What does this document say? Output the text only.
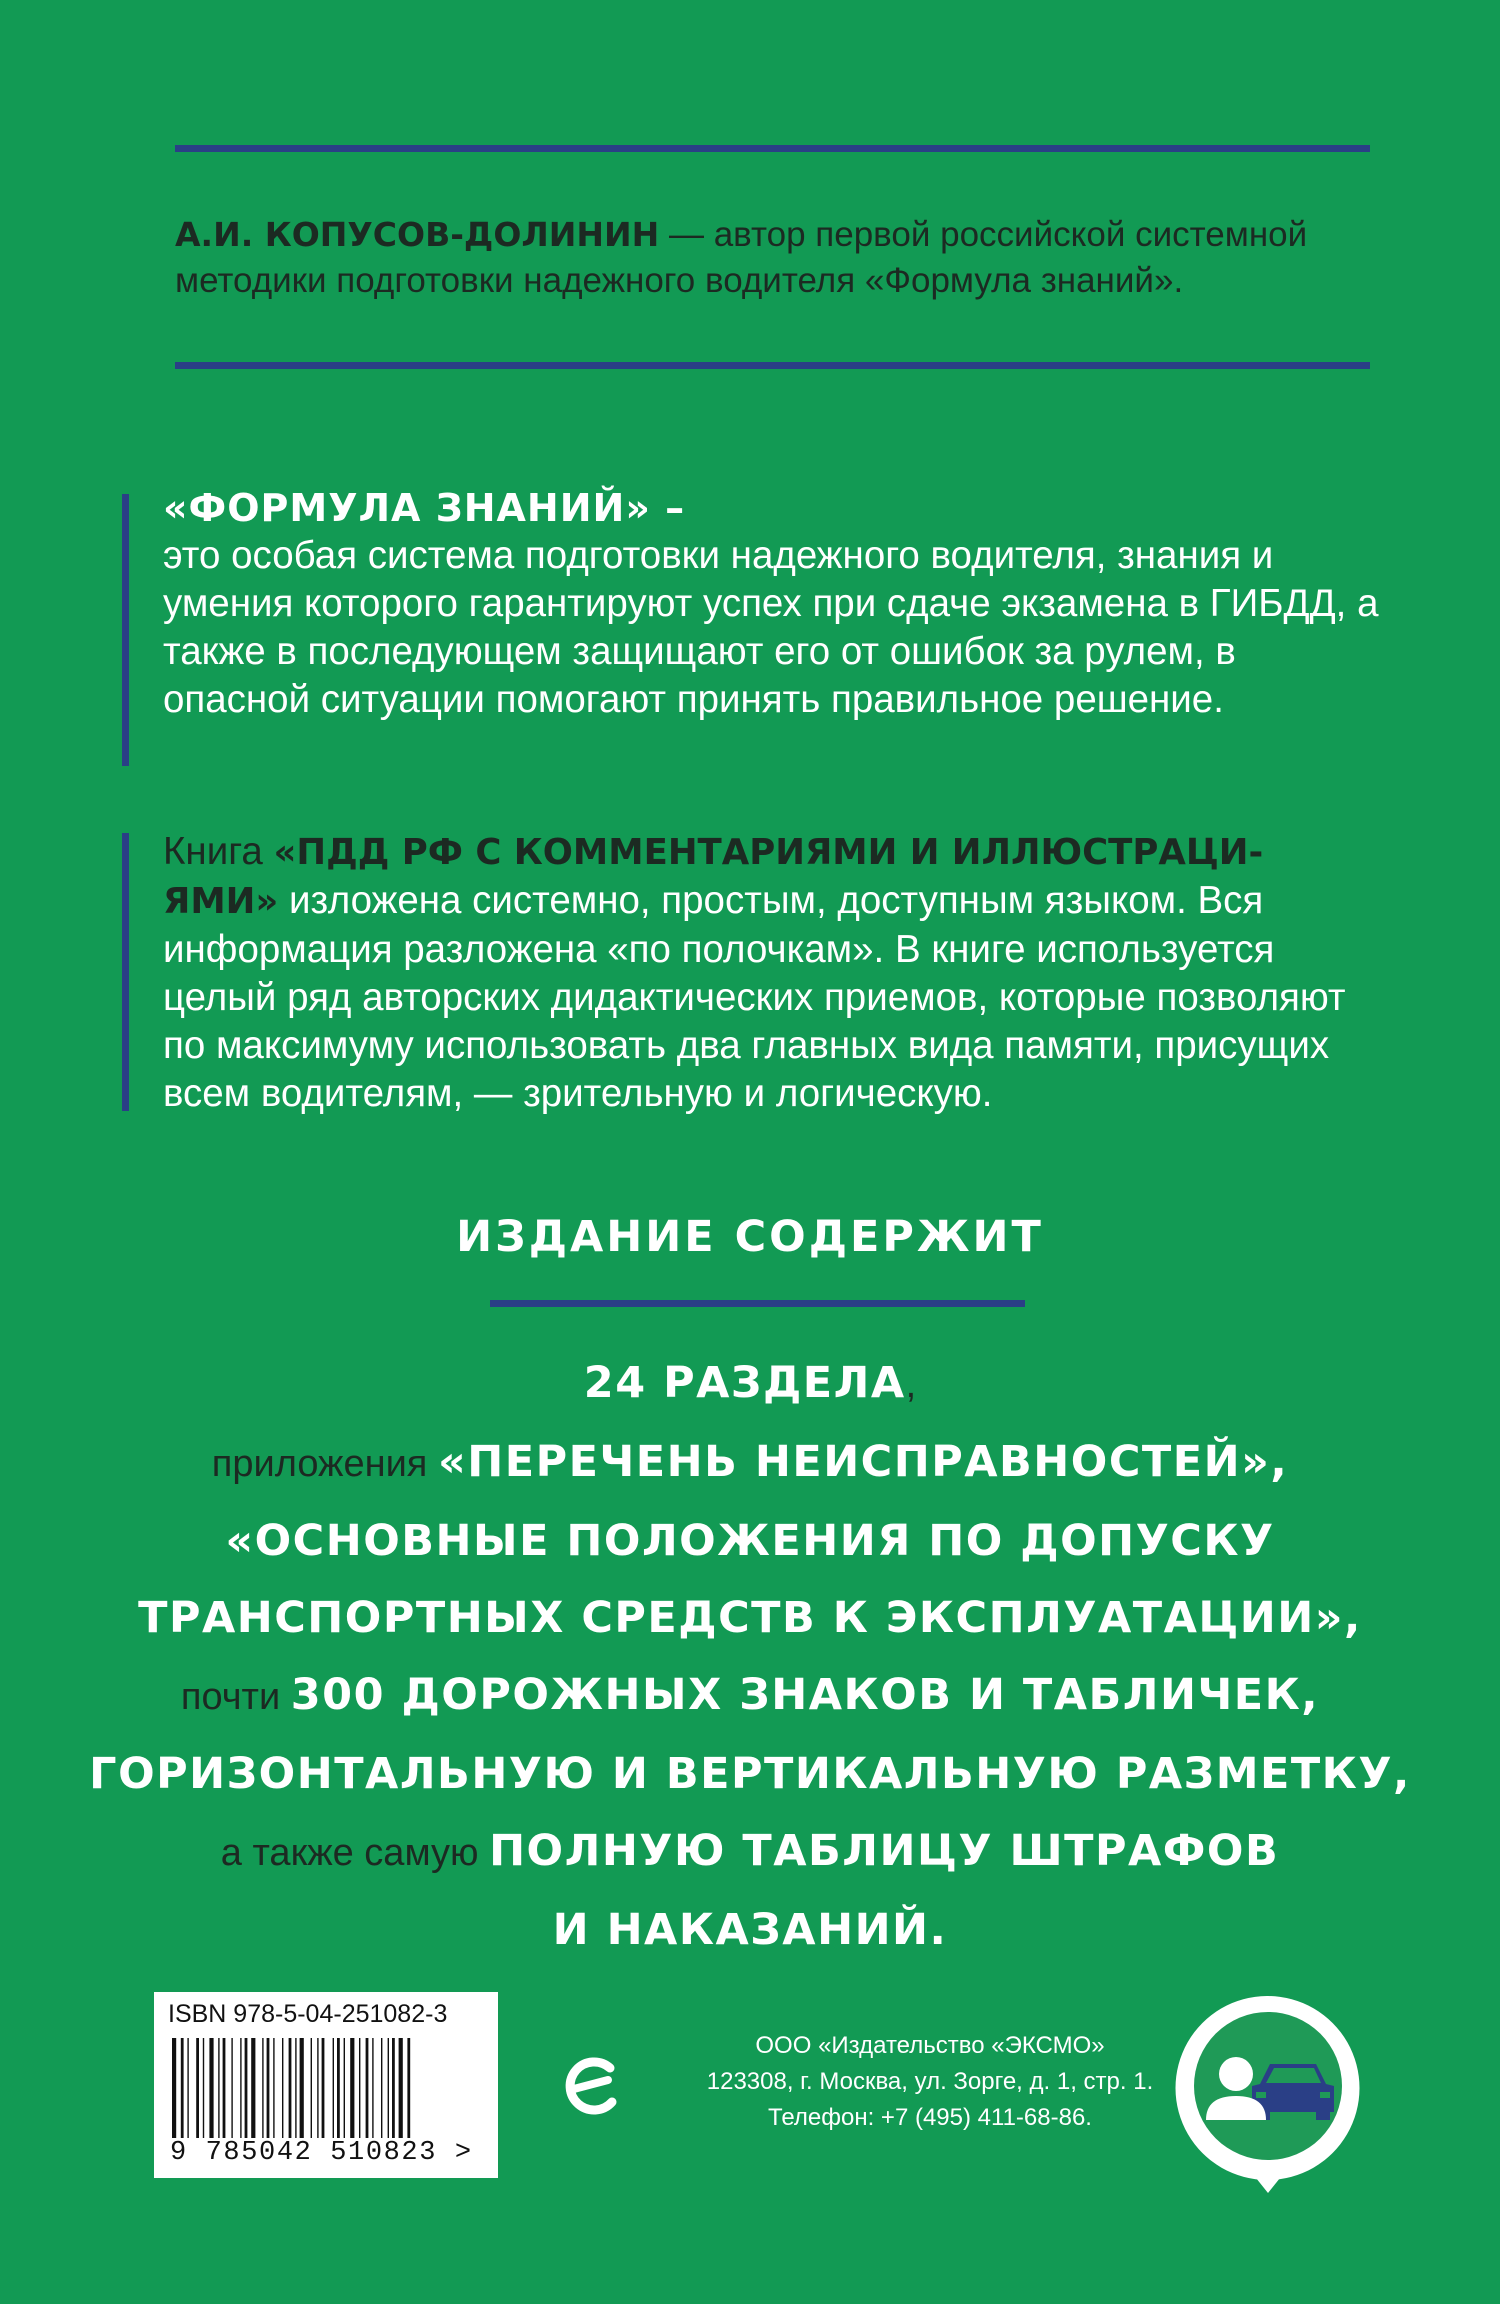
А.И. КОПУСОВ-ДОЛИНИН — автор первой российской системной методики подготовки надежного водителя «Формула знаний».
«ФОРМУЛА ЗНАНИЙ» –
это особая система подготовки надежного водителя, знания и умения которого гарантируют успех при сдаче экзамена в ГИБДД, а также в последующем защищают его от ошибок за рулем, в опасной ситуации помогают принять правильное решение.
Книга «ПДД РФ С КОММЕНТАРИЯМИ И ИЛЛЮСТРАЦИ-
ЯМИ» изложена системно, простым, доступным языком. Вся информация разложена «по полочкам». В книге используется целый ряд авторских дидактических приемов, которые позволяют по максимуму использовать два главных вида памяти, присущих всем водителям, — зрительную и логическую.
ИЗДАНИЕ СОДЕРЖИТ
24 РАЗДЕЛА,
приложения «ПЕРЕЧЕНЬ НЕИСПРАВНОСТЕЙ»,
«ОСНОВНЫЕ ПОЛОЖЕНИЯ ПО ДОПУСКУ
ТРАНСПОРТНЫХ СРЕДСТВ К ЭКСПЛУАТАЦИИ»,
почти 300 ДОРОЖНЫХ ЗНАКОВ И ТАБЛИЧЕК,
ГОРИЗОНТАЛЬНУЮ И ВЕРТИКАЛЬНУЮ РАЗМЕТКУ,
а также самую ПОЛНУЮ ТАБЛИЦУ ШТРАФОВ
И НАКАЗАНИЙ.
ISBN 978-5-04-251082-3
9 785042 510823 >
ООО «Издательство «ЭКСМО»
123308, г. Москва, ул. Зорге, д. 1, стр. 1.
Телефон: +7 (495) 411-68-86.
